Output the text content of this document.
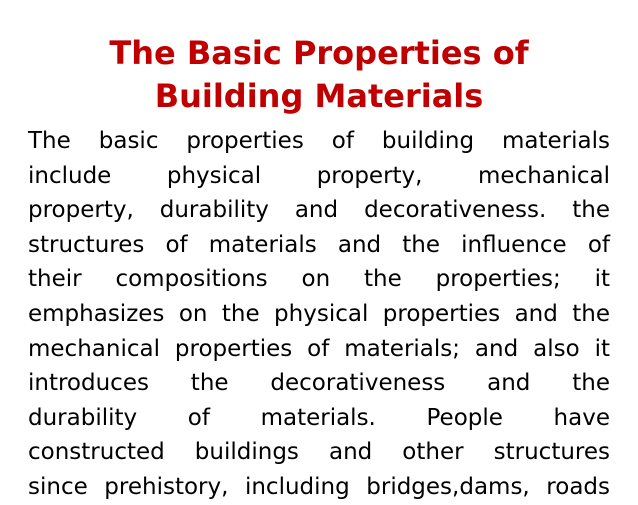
The Basic Properties of
Building Materials
The basic properties of building materials
include physical property, mechanical
property, durability and decorativeness. the
structures of materials and the influence of
their compositions on the properties; it
emphasizes on the physical properties and the
mechanical properties of materials; and also it
introduces the decorativeness and the
durability of materials. People have
constructed buildings and other structures
since prehistory, including bridges,dams, roads
